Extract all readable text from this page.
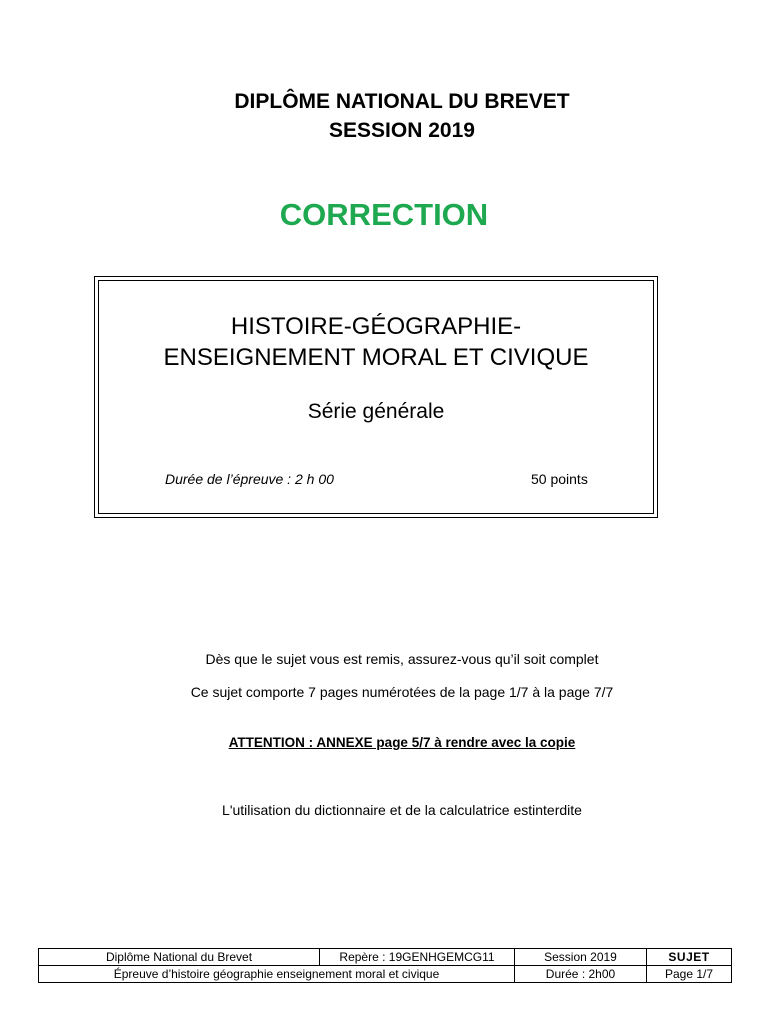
DIPLÔME NATIONAL DU BREVET
SESSION 2019
CORRECTION
HISTOIRE-GÉOGRAPHIE-
ENSEIGNEMENT MORAL ET CIVIQUE
Série générale
Durée de l’épreuve : 2 h 00	50 points
Dès que le sujet vous est remis, assurez-vous qu’il soit complet
Ce sujet comporte 7 pages numérotées de la page 1/7 à la page 7/7
ATTENTION : ANNEXE page 5/7 à rendre avec la copie
L'utilisation du dictionnaire et de la calculatrice estinterdite
Diplôme National du Brevet	Repère : 19GENHGEMCG11	Session 2019	SUJET
Épreuve d’histoire géographie enseignement moral et civique		Durée : 2h00	Page 1/7
